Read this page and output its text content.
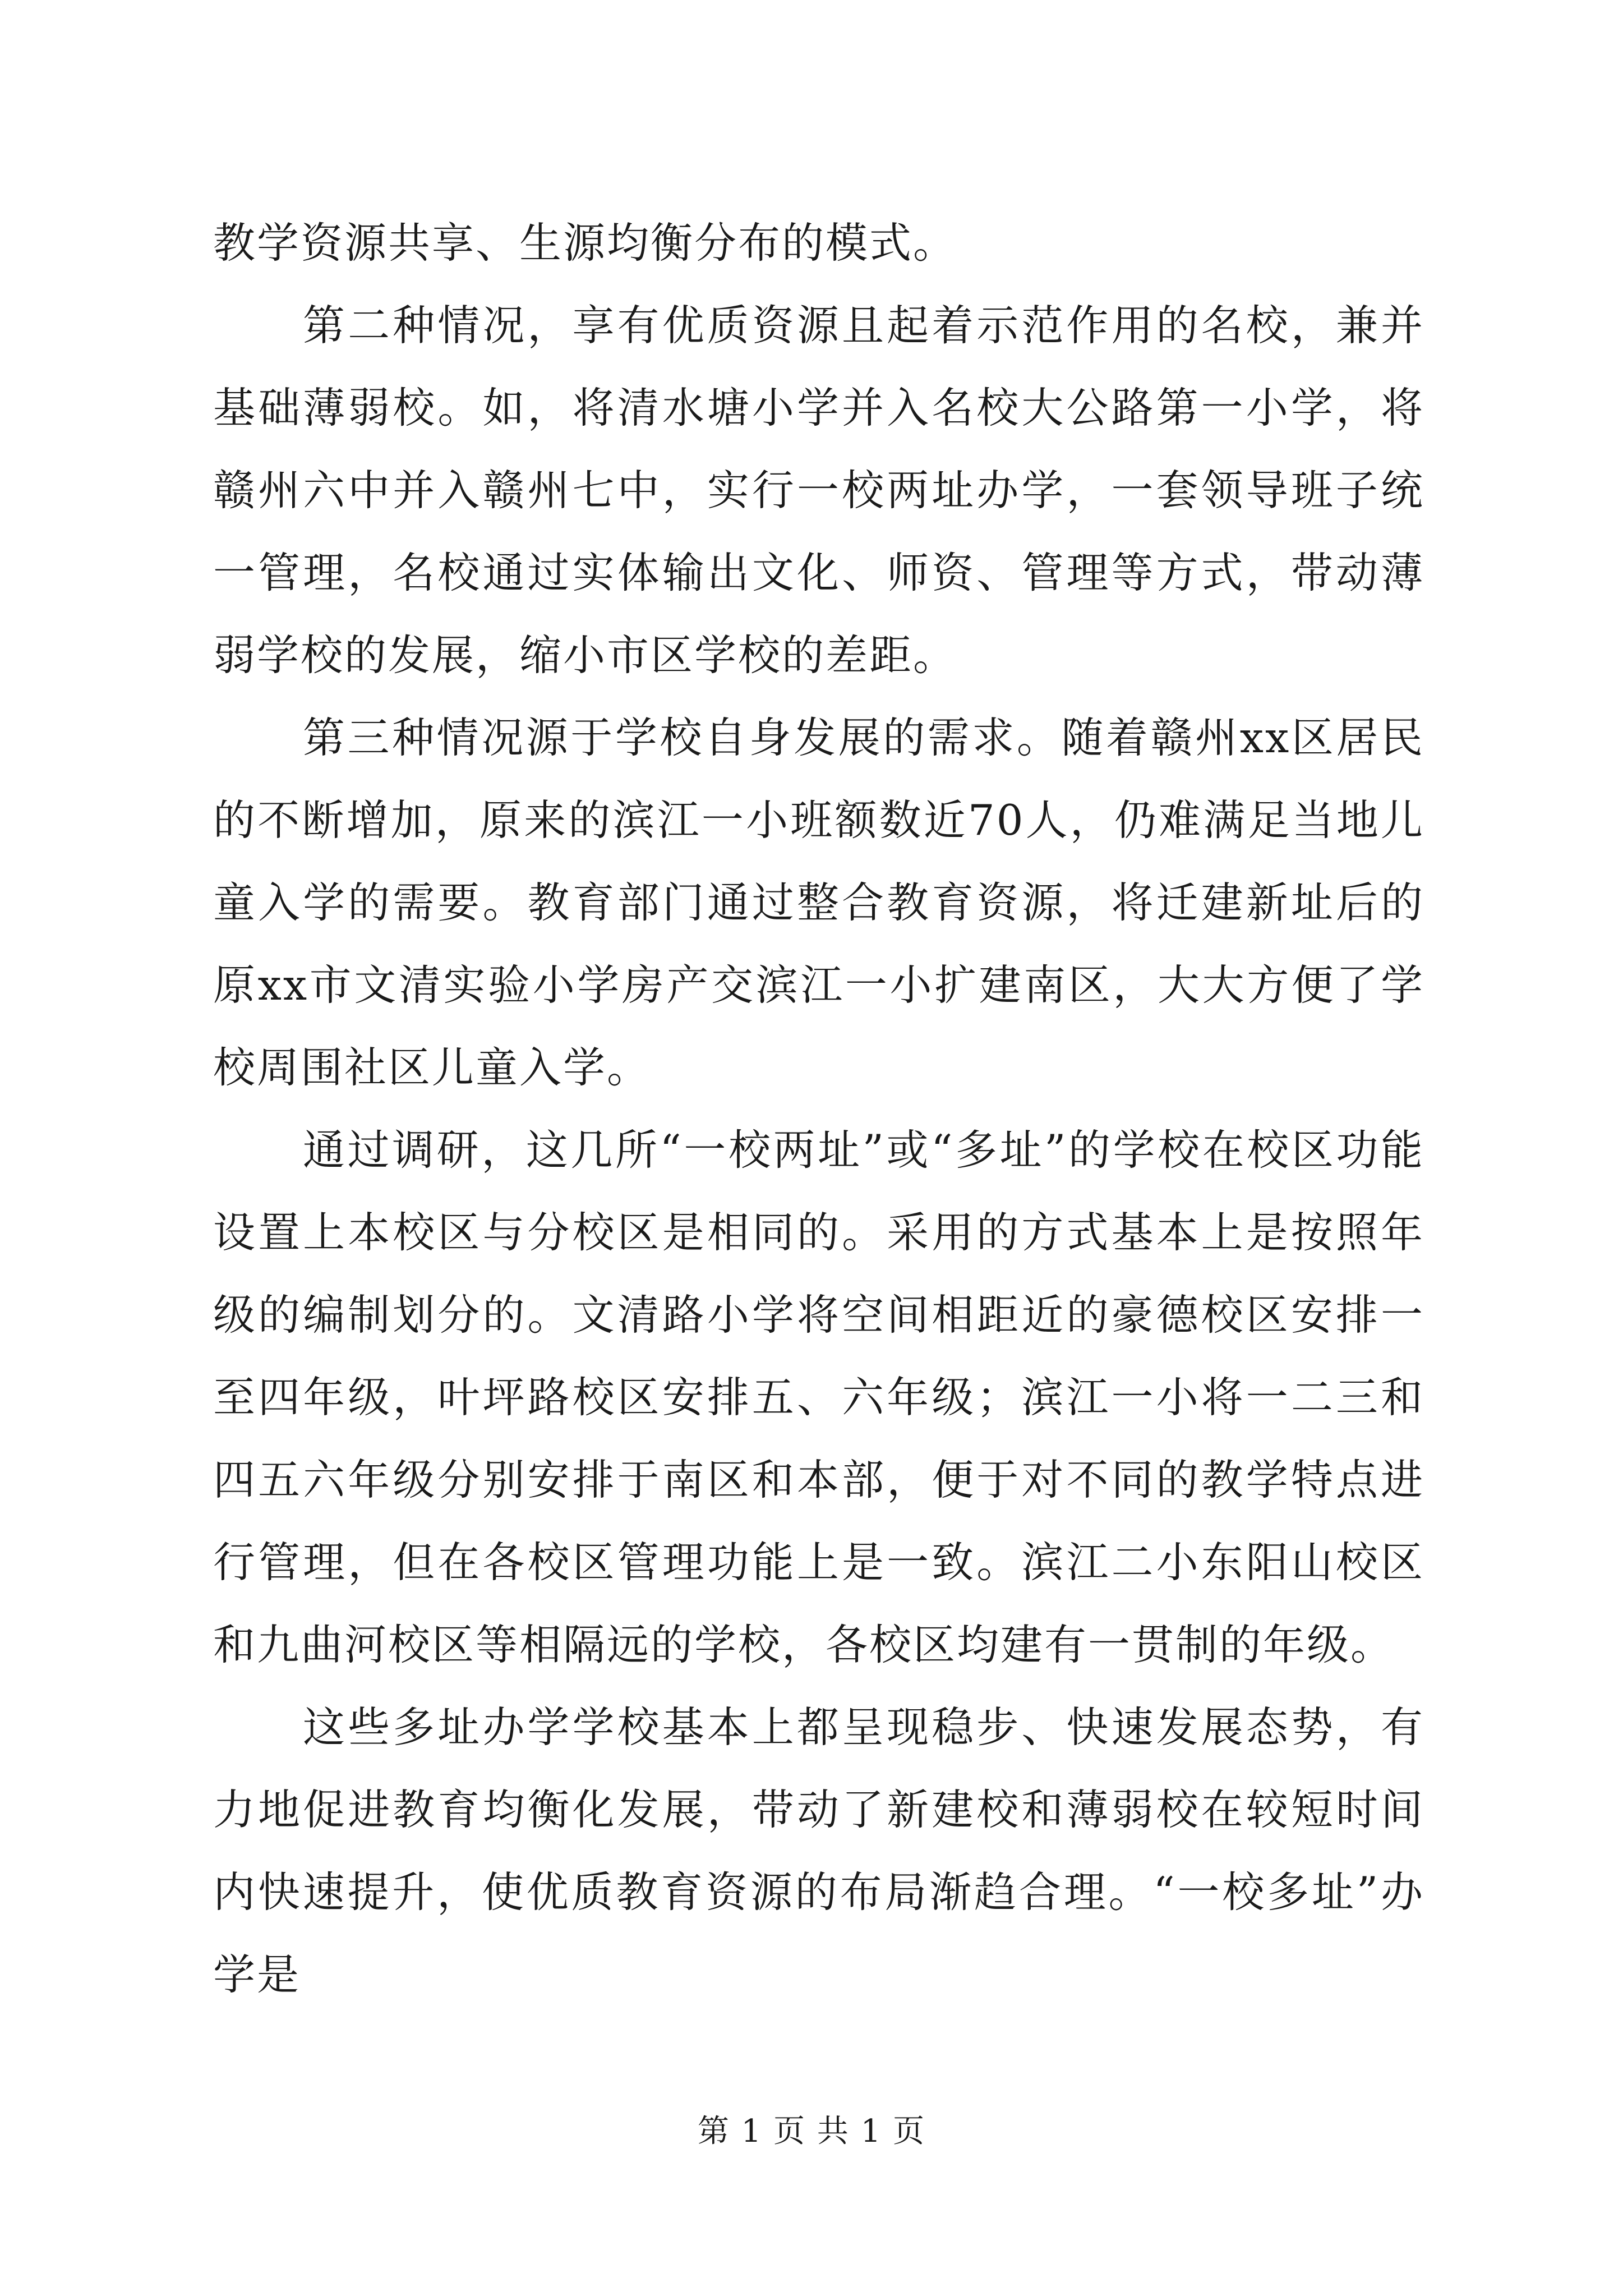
教学资源共享、生源均衡分布的模式。

第二种情况，享有优质资源且起着示范作用的名校，兼并基础薄弱校。如，将清水塘小学并入名校大公路第一小学，将赣州六中并入赣州七中，实行一校两址办学，一套领导班子统一管理，名校通过实体输出文化、师资、管理等方式，带动薄弱学校的发展，缩小市区学校的差距。

第三种情况源于学校自身发展的需求。随着赣州xx区居民的不断增加，原来的滨江一小班额数近70人，仍难满足当地儿童入学的需要。教育部门通过整合教育资源，将迁建新址后的原xx市文清实验小学房产交滨江一小扩建南区，大大方便了学校周围社区儿童入学。

通过调研，这几所“一校两址”或“多址”的学校在校区功能设置上本校区与分校区是相同的。采用的方式基本上是按照年级的编制划分的。文清路小学将空间相距近的豪德校区安排一至四年级，叶坪路校区安排五、六年级；滨江一小将一二三和四五六年级分别安排于南区和本部，便于对不同的教学特点进行管理，但在各校区管理功能上是一致。滨江二小东阳山校区和九曲河校区等相隔远的学校，各校区均建有一贯制的年级。

这些多址办学学校基本上都呈现稳步、快速发展态势，有力地促进教育均衡化发展，带动了新建校和薄弱校在较短时间内快速提升，使优质教育资源的布局渐趋合理。“一校多址”办学是

第 1 页 共 1 页
